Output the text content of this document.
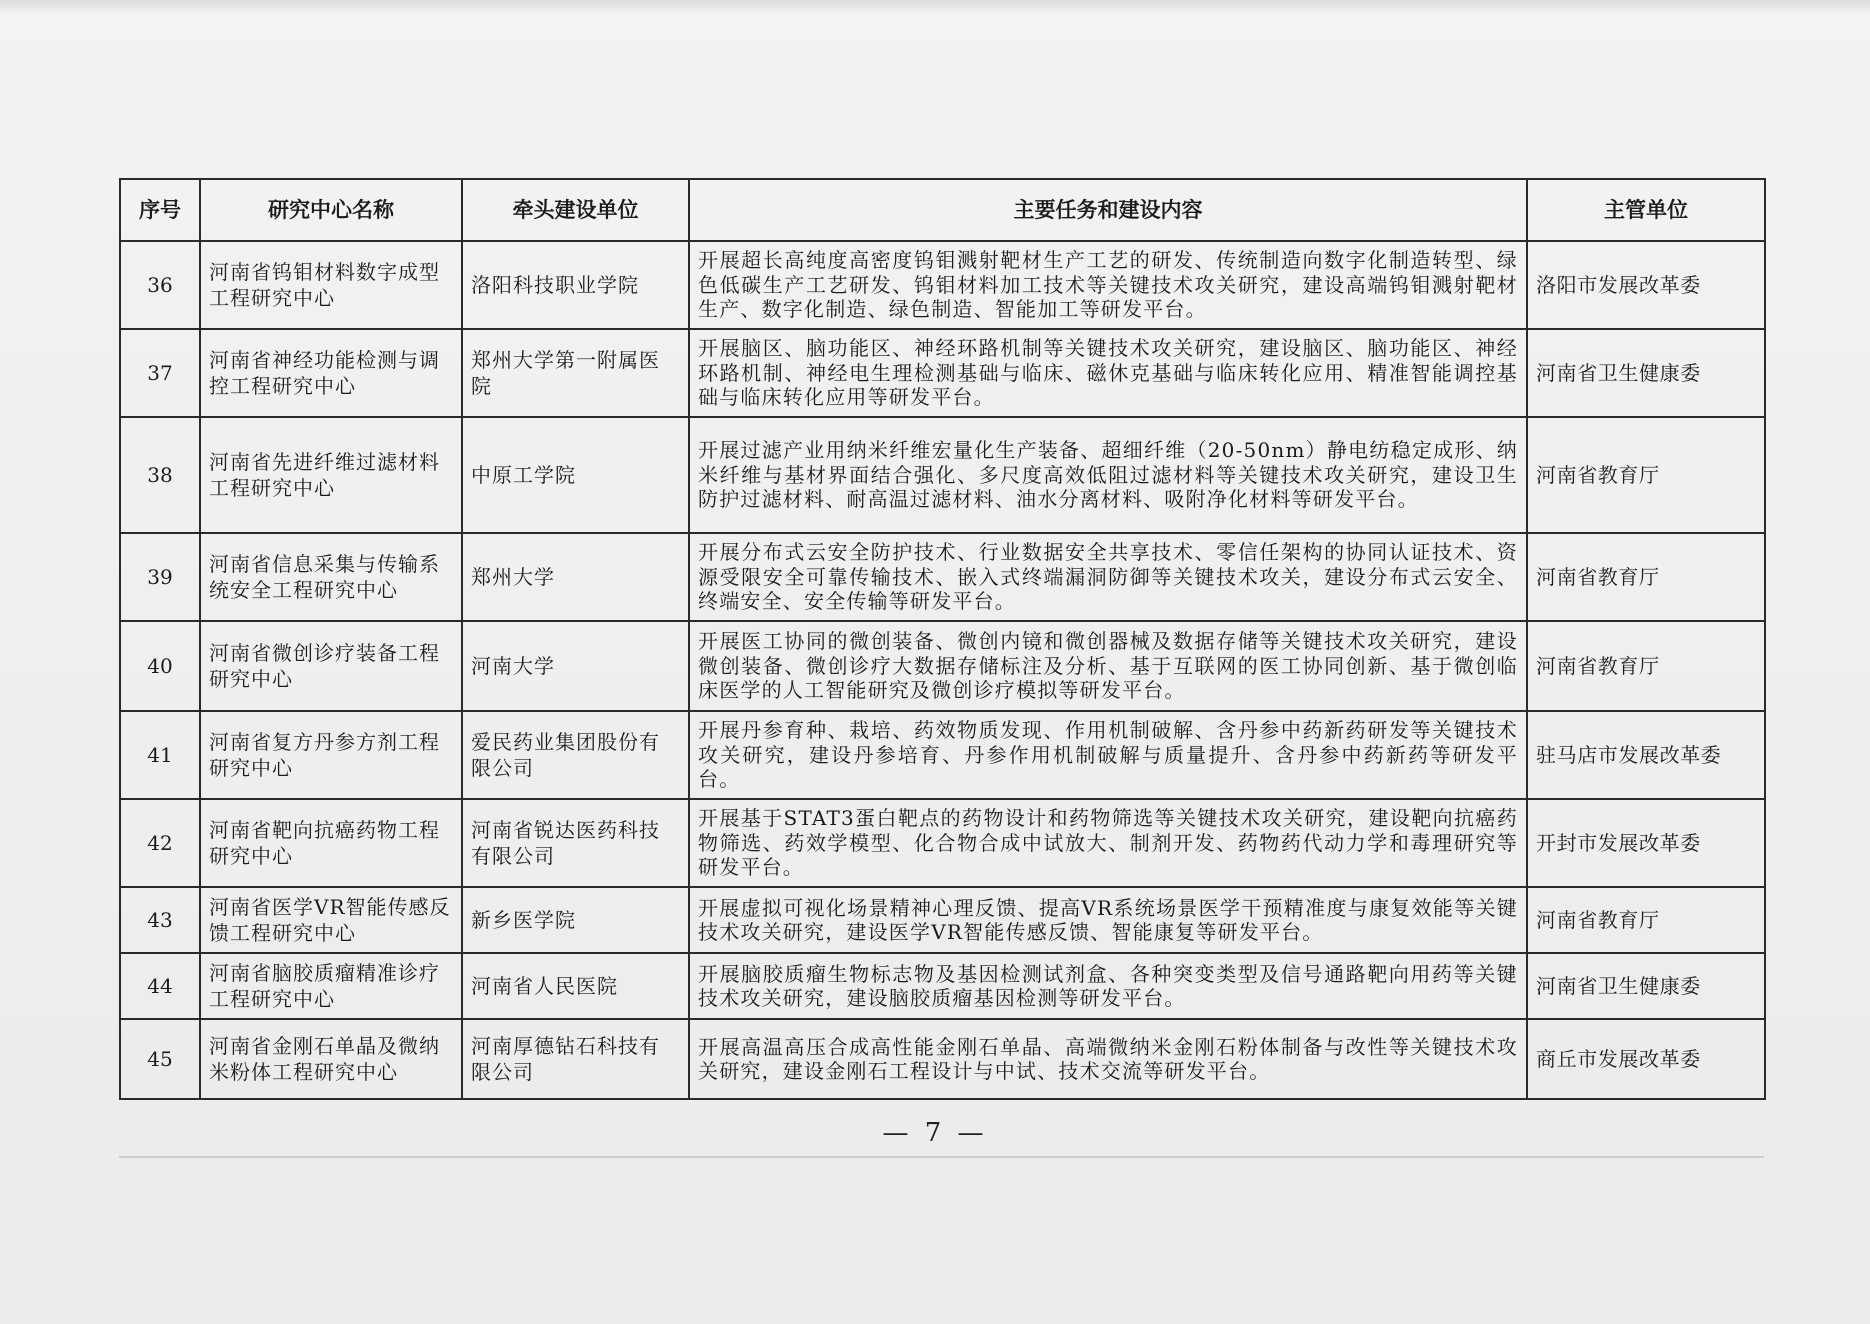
序号	研究中心名称	牵头建设单位	主要任务和建设内容	主管单位
36	河南省钨钼材料数字成型工程研究中心	洛阳科技职业学院	开展超长高纯度高密度钨钼溅射靶材生产工艺的研发、传统制造向数字化制造转型、绿色低碳生产工艺研发、钨钼材料加工技术等关键技术攻关研究，建设高端钨钼溅射靶材生产、数字化制造、绿色制造、智能加工等研发平台。	洛阳市发展改革委
37	河南省神经功能检测与调控工程研究中心	郑州大学第一附属医院	开展脑区、脑功能区、神经环路机制等关键技术攻关研究，建设脑区、脑功能区、神经环路机制、神经电生理检测基础与临床、磁休克基础与临床转化应用、精准智能调控基础与临床转化应用等研发平台。	河南省卫生健康委
38	河南省先进纤维过滤材料工程研究中心	中原工学院	开展过滤产业用纳米纤维宏量化生产装备、超细纤维（20-50nm）静电纺稳定成形、纳米纤维与基材界面结合强化、多尺度高效低阻过滤材料等关键技术攻关研究，建设卫生防护过滤材料、耐高温过滤材料、油水分离材料、吸附净化材料等研发平台。	河南省教育厅
39	河南省信息采集与传输系统安全工程研究中心	郑州大学	开展分布式云安全防护技术、行业数据安全共享技术、零信任架构的协同认证技术、资源受限安全可靠传输技术、嵌入式终端漏洞防御等关键技术攻关，建设分布式云安全、终端安全、安全传输等研发平台。	河南省教育厅
40	河南省微创诊疗装备工程研究中心	河南大学	开展医工协同的微创装备、微创内镜和微创器械及数据存储等关键技术攻关研究，建设微创装备、微创诊疗大数据存储标注及分析、基于互联网的医工协同创新、基于微创临床医学的人工智能研究及微创诊疗模拟等研发平台。	河南省教育厅
41	河南省复方丹参方剂工程研究中心	爱民药业集团股份有限公司	开展丹参育种、栽培、药效物质发现、作用机制破解、含丹参中药新药研发等关键技术攻关研究，建设丹参培育、丹参作用机制破解与质量提升、含丹参中药新药等研发平台。	驻马店市发展改革委
42	河南省靶向抗癌药物工程研究中心	河南省锐达医药科技有限公司	开展基于STAT3蛋白靶点的药物设计和药物筛选等关键技术攻关研究，建设靶向抗癌药物筛选、药效学模型、化合物合成中试放大、制剂开发、药物药代动力学和毒理研究等研发平台。	开封市发展改革委
43	河南省医学VR智能传感反馈工程研究中心	新乡医学院	开展虚拟可视化场景精神心理反馈、提高VR系统场景医学干预精准度与康复效能等关键技术攻关研究，建设医学VR智能传感反馈、智能康复等研发平台。	河南省教育厅
44	河南省脑胶质瘤精准诊疗工程研究中心	河南省人民医院	开展脑胶质瘤生物标志物及基因检测试剂盒、各种突变类型及信号通路靶向用药等关键技术攻关研究，建设脑胶质瘤基因检测等研发平台。	河南省卫生健康委
45	河南省金刚石单晶及微纳米粉体工程研究中心	河南厚德钻石科技有限公司	开展高温高压合成高性能金刚石单晶、高端微纳米金刚石粉体制备与改性等关键技术攻关研究，建设金刚石工程设计与中试、技术交流等研发平台。	商丘市发展改革委
— 7 —
